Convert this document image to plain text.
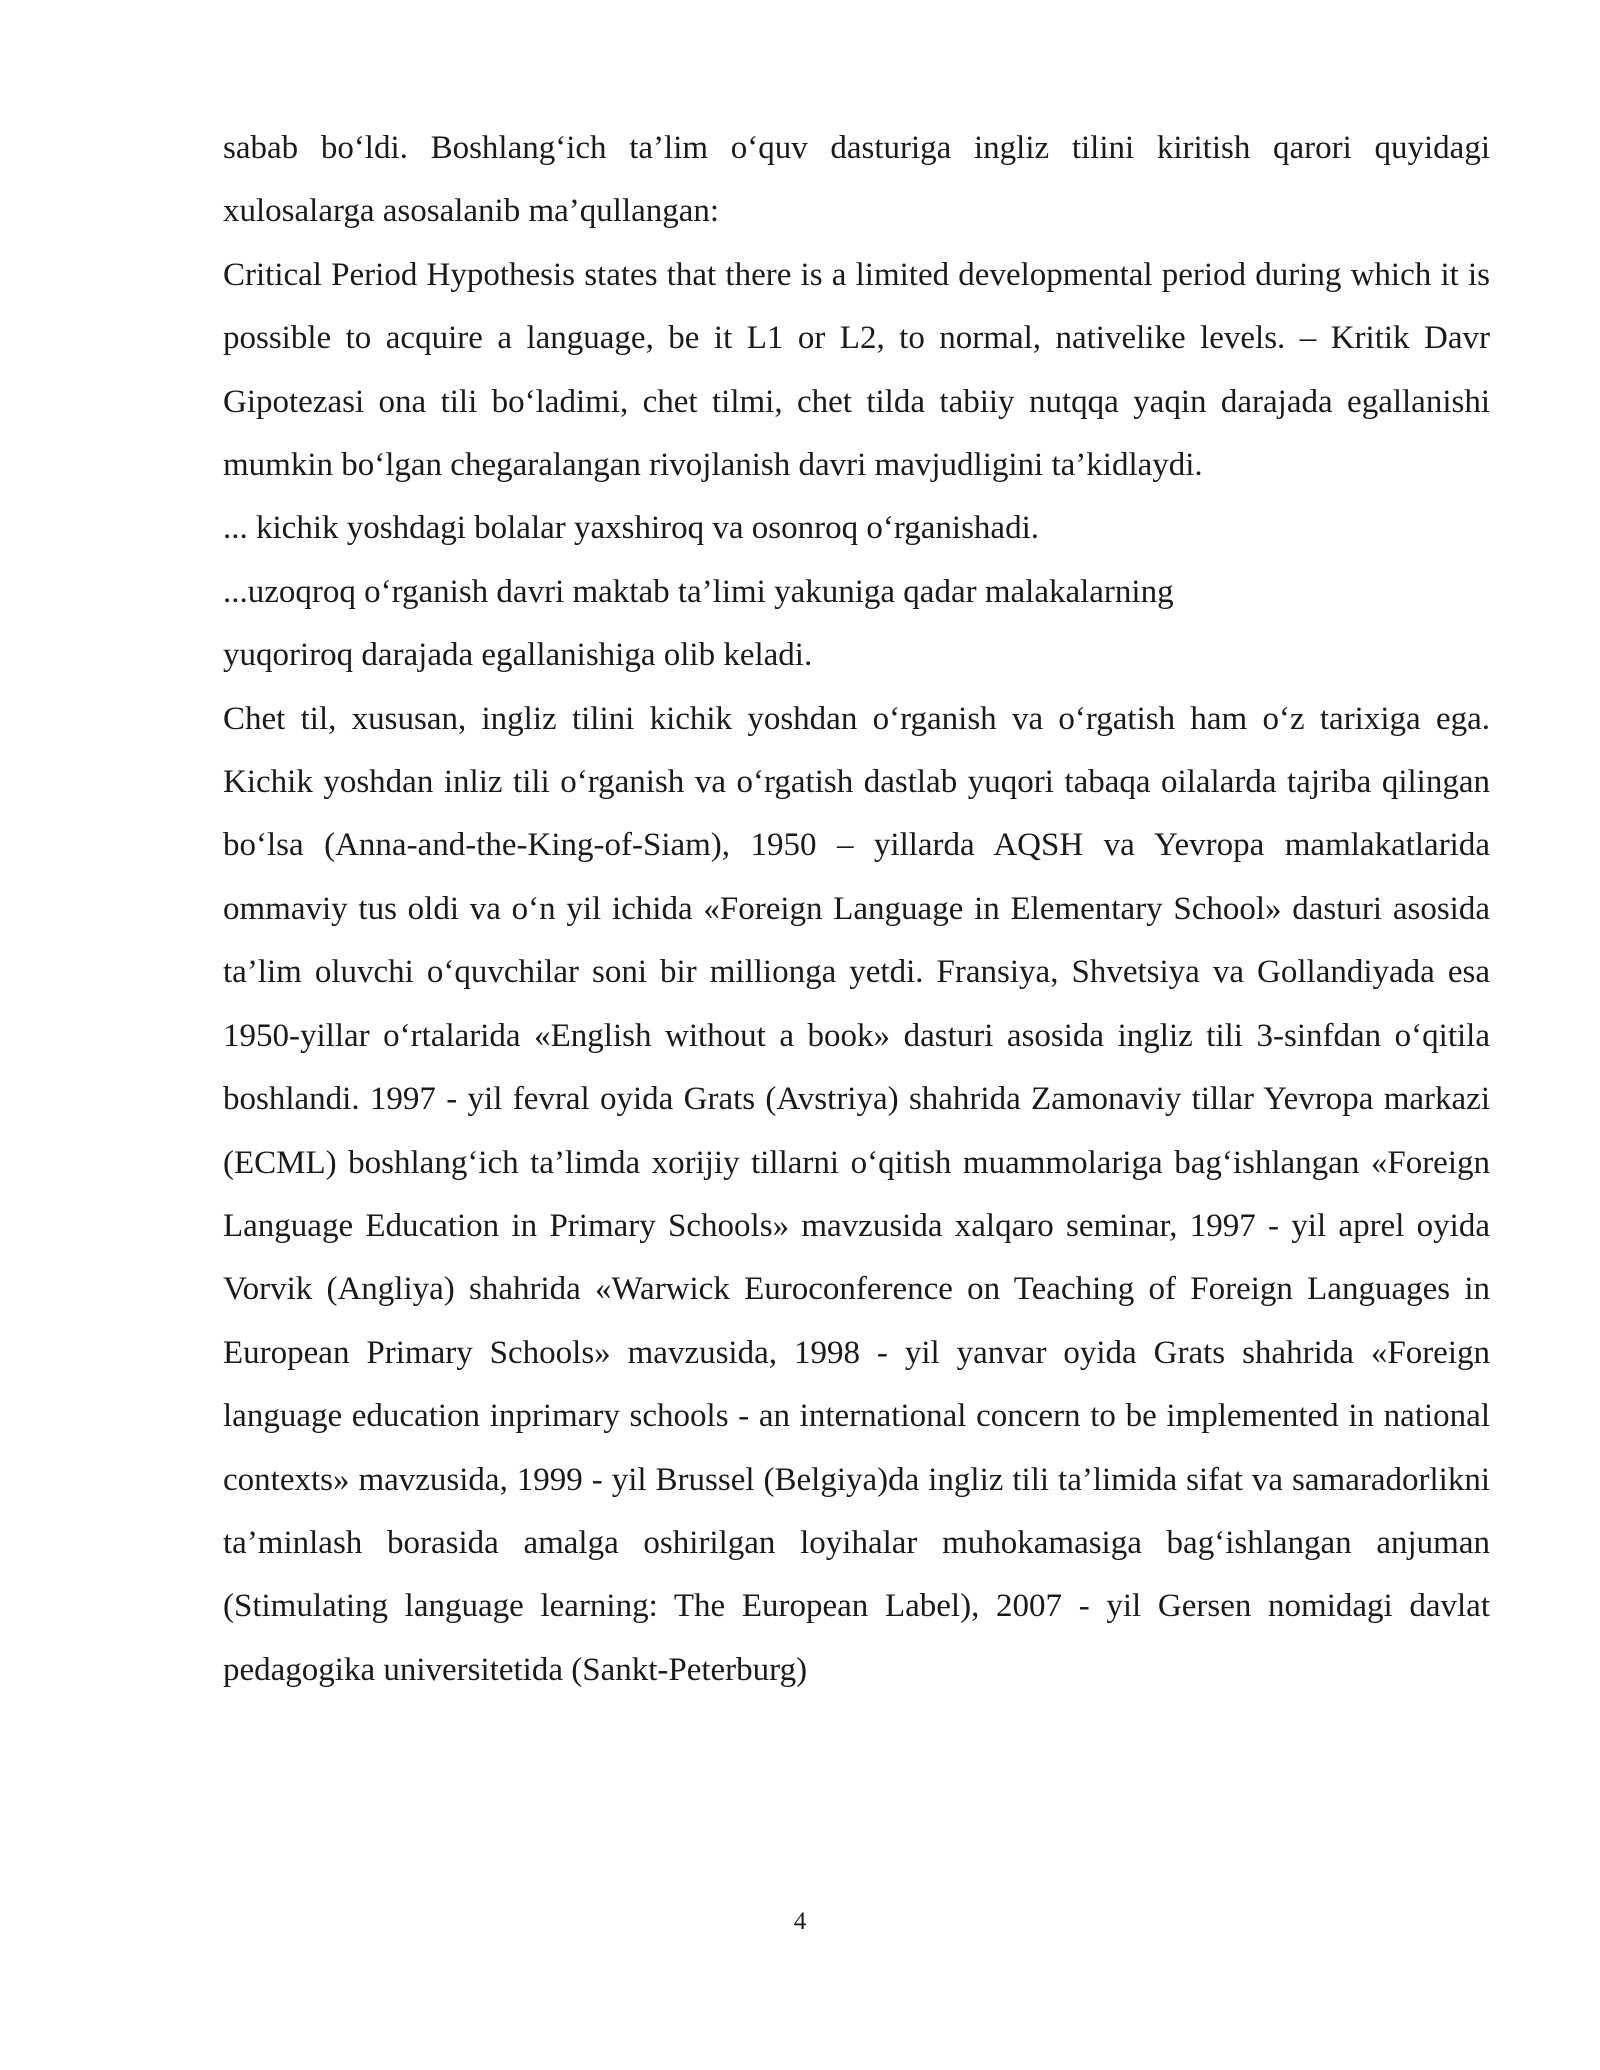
sabab bo‘ldi. Boshlang‘ich ta’lim o‘quv dasturiga ingliz tilini kiritish qarori quyidagi xulosalarga asosalanib ma’qullangan:

Critical Period Hypothesis states that there is a limited developmental period during which it is possible to acquire a language, be it L1 or L2, to normal, nativelike levels. – Kritik Davr Gipotezasi ona tili bo‘ladimi, chet tilmi, chet tilda tabiiy nutqqa yaqin darajada egallanishi mumkin bo‘lgan chegaralangan rivojlanish davri mavjudligini ta’kidlaydi.

... kichik yoshdagi bolalar yaxshiroq va osonroq o‘rganishadi.

...uzoqroq o‘rganish davri maktab ta’limi yakuniga qadar malakalarning

yuqoriroq darajada egallanishiga olib keladi.

Chet til, xususan, ingliz tilini kichik yoshdan o‘rganish va o‘rgatish ham o‘z tarixiga ega. Kichik yoshdan inliz tili o‘rganish va o‘rgatish dastlab yuqori tabaqa oilalarda tajriba qilingan bo‘lsa (Anna-and-the-King-of-Siam), 1950 – yillarda AQSH va Yevropa mamlakatlarida ommaviy tus oldi va o‘n yil ichida «Foreign Language in Elementary School» dasturi asosida ta’lim oluvchi o‘quvchilar soni bir millionga yetdi. Fransiya, Shvetsiya va Gollandiyada esa 1950-yillar o‘rtalarida «English without a book» dasturi asosida ingliz tili 3-sinfdan o‘qitila boshlandi. 1997 - yil fevral oyida Grats (Avstriya) shahrida Zamonaviy tillar Yevropa markazi (ECML) boshlang‘ich ta’limda xorijiy tillarni o‘qitish muammolariga bag‘ishlangan «Foreign Language Education in Primary Schools» mavzusida xalqaro seminar, 1997 - yil aprel oyida Vorvik (Angliya) shahrida «Warwick Euroconference on Teaching of Foreign Languages in European Primary Schools» mavzusida, 1998 - yil yanvar oyida Grats shahrida «Foreign language education inprimary schools - an international concern to be implemented in national contexts» mavzusida, 1999 - yil Brussel (Belgiya)da ingliz tili ta’limida sifat va samaradorlikni ta’minlash borasida amalga oshirilgan loyihalar muhokamasiga bag‘ishlangan anjuman (Stimulating language learning: The European Label), 2007 - yil Gersen nomidagi davlat pedagogika universitetida (Sankt-Peterburg)

4
